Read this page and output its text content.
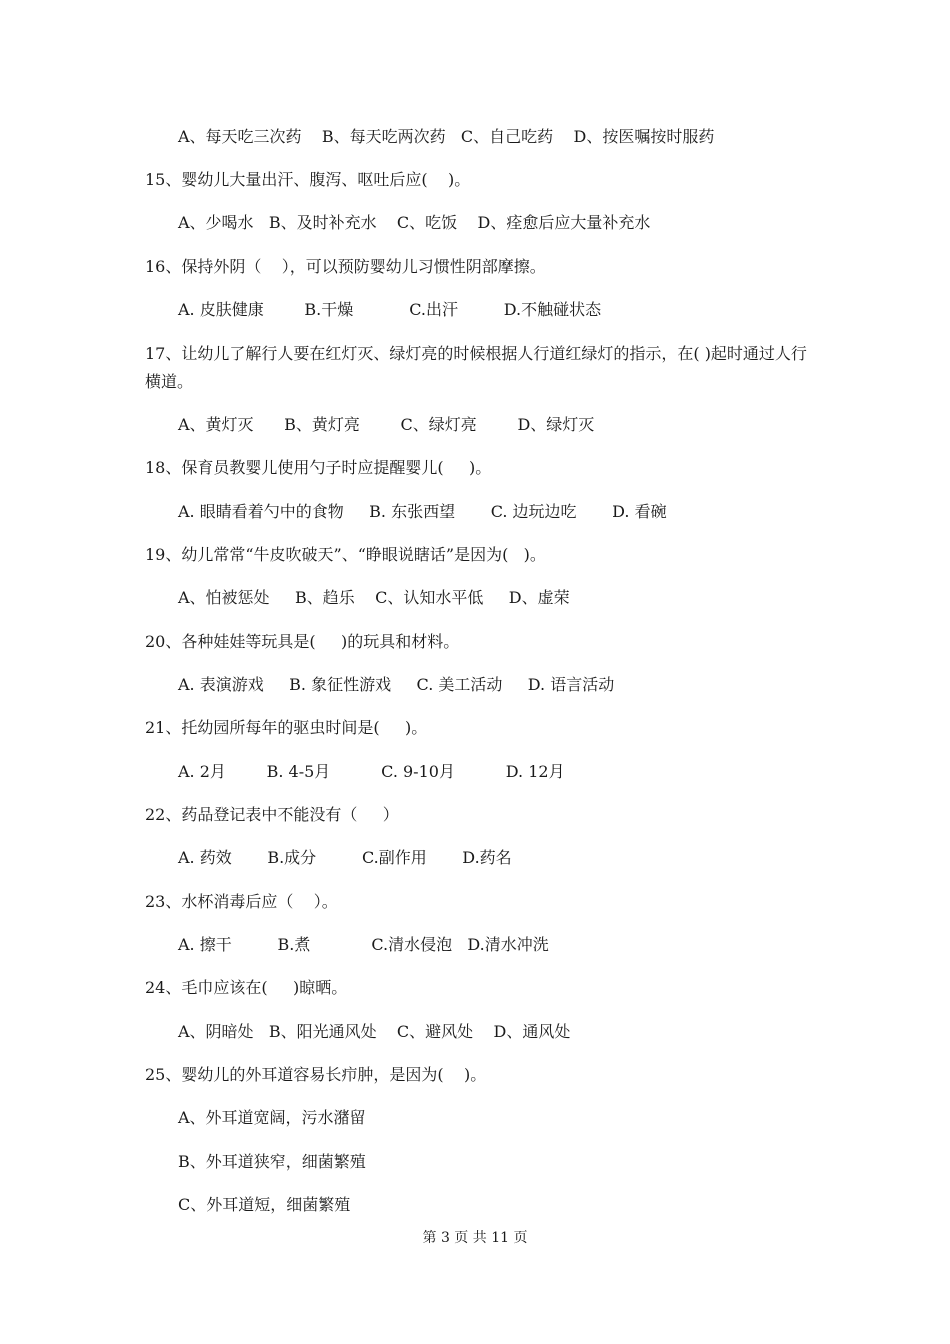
A、每天吃三次药    B、每天吃两次药   C、自己吃药    D、按医嘱按时服药
15、婴幼儿大量出汗、腹泻、呕吐后应(    )。
A、少喝水   B、及时补充水    C、吃饭    D、痊愈后应大量补充水
16、保持外阴（    ），可以预防婴幼儿习惯性阴部摩擦。
A. 皮肤健康        B.干燥           C.出汗         D.不触碰状态
17、让幼儿了解行人要在红灯灭、绿灯亮的时候根据人行道红绿灯的指示，在( )起时通过人行横道。
A、黄灯灭      B、黄灯亮        C、绿灯亮        D、绿灯灭
18、保育员教婴儿使用勺子时应提醒婴儿(     )。
A. 眼睛看着勺中的食物     B. 东张西望       C. 边玩边吃       D. 看碗
19、幼儿常常“牛皮吹破天”、“睁眼说瞎话”是因为(   )。
A、怕被惩处     B、趋乐    C、认知水平低     D、虚荣
20、各种娃娃等玩具是(     )的玩具和材料。
A. 表演游戏     B. 象征性游戏     C. 美工活动     D. 语言活动
21、托幼园所每年的驱虫时间是(     )。
A. 2月        B. 4-5月          C. 9-10月          D. 12月
22、药品登记表中不能没有（     ）
A. 药效       B.成分         C.副作用       D.药名
23、水杯消毒后应（    ）。
A. 擦干         B.煮            C.清水侵泡   D.清水冲洗
24、毛巾应该在(     )晾晒。
A、阴暗处   B、阳光通风处    C、避风处    D、通风处
25、婴幼儿的外耳道容易长疖肿，是因为(    )。
A、外耳道宽阔，污水潴留
B、外耳道狭窄，细菌繁殖
C、外耳道短，细菌繁殖
第 3 页 共 11 页
